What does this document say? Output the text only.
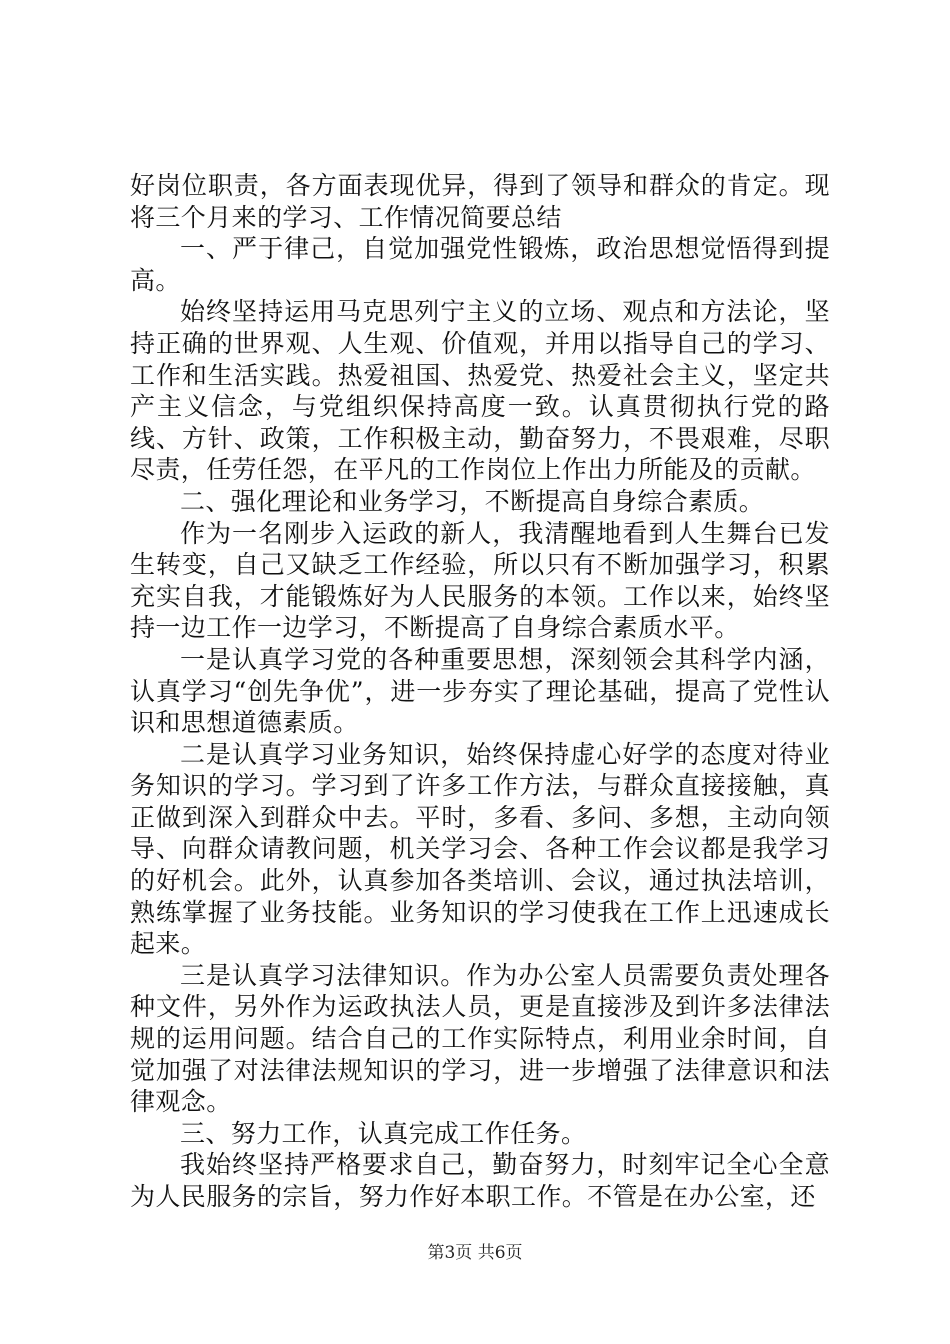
好岗位职责，各方面表现优异，得到了领导和群众的肯定。现将三个月来的学习、工作情况简要总结

一、严于律己，自觉加强党性锻炼，政治思想觉悟得到提高。

始终坚持运用马克思列宁主义的立场、观点和方法论，坚持正确的世界观、人生观、价值观，并用以指导自己的学习、工作和生活实践。热爱祖国、热爱党、热爱社会主义，坚定共产主义信念，与党组织保持高度一致。认真贯彻执行党的路线、方针、政策，工作积极主动，勤奋努力，不畏艰难，尽职尽责，任劳任怨，在平凡的工作岗位上作出力所能及的贡献。

二、强化理论和业务学习，不断提高自身综合素质。

作为一名刚步入运政的新人，我清醒地看到人生舞台已发生转变，自己又缺乏工作经验，所以只有不断加强学习，积累充实自我，才能锻炼好为人民服务的本领。工作以来，始终坚持一边工作一边学习，不断提高了自身综合素质水平。

一是认真学习党的各种重要思想，深刻领会其科学内涵，认真学习“创先争优”，进一步夯实了理论基础，提高了党性认识和思想道德素质。

二是认真学习业务知识，始终保持虚心好学的态度对待业务知识的学习。学习到了许多工作方法，与群众直接接触，真正做到深入到群众中去。平时，多看、多问、多想，主动向领导、向群众请教问题，机关学习会、各种工作会议都是我学习的好机会。此外，认真参加各类培训、会议，通过执法培训，熟练掌握了业务技能。业务知识的学习使我在工作上迅速成长起来。

三是认真学习法律知识。作为办公室人员需要负责处理各种文件，另外作为运政执法人员，更是直接涉及到许多法律法规的运用问题。结合自己的工作实际特点，利用业余时间，自觉加强了对法律法规知识的学习，进一步增强了法律意识和法律观念。

三、努力工作，认真完成工作任务。

我始终坚持严格要求自己，勤奋努力，时刻牢记全心全意为人民服务的宗旨，努力作好本职工作。不管是在办公室，还

第3页 共6页
